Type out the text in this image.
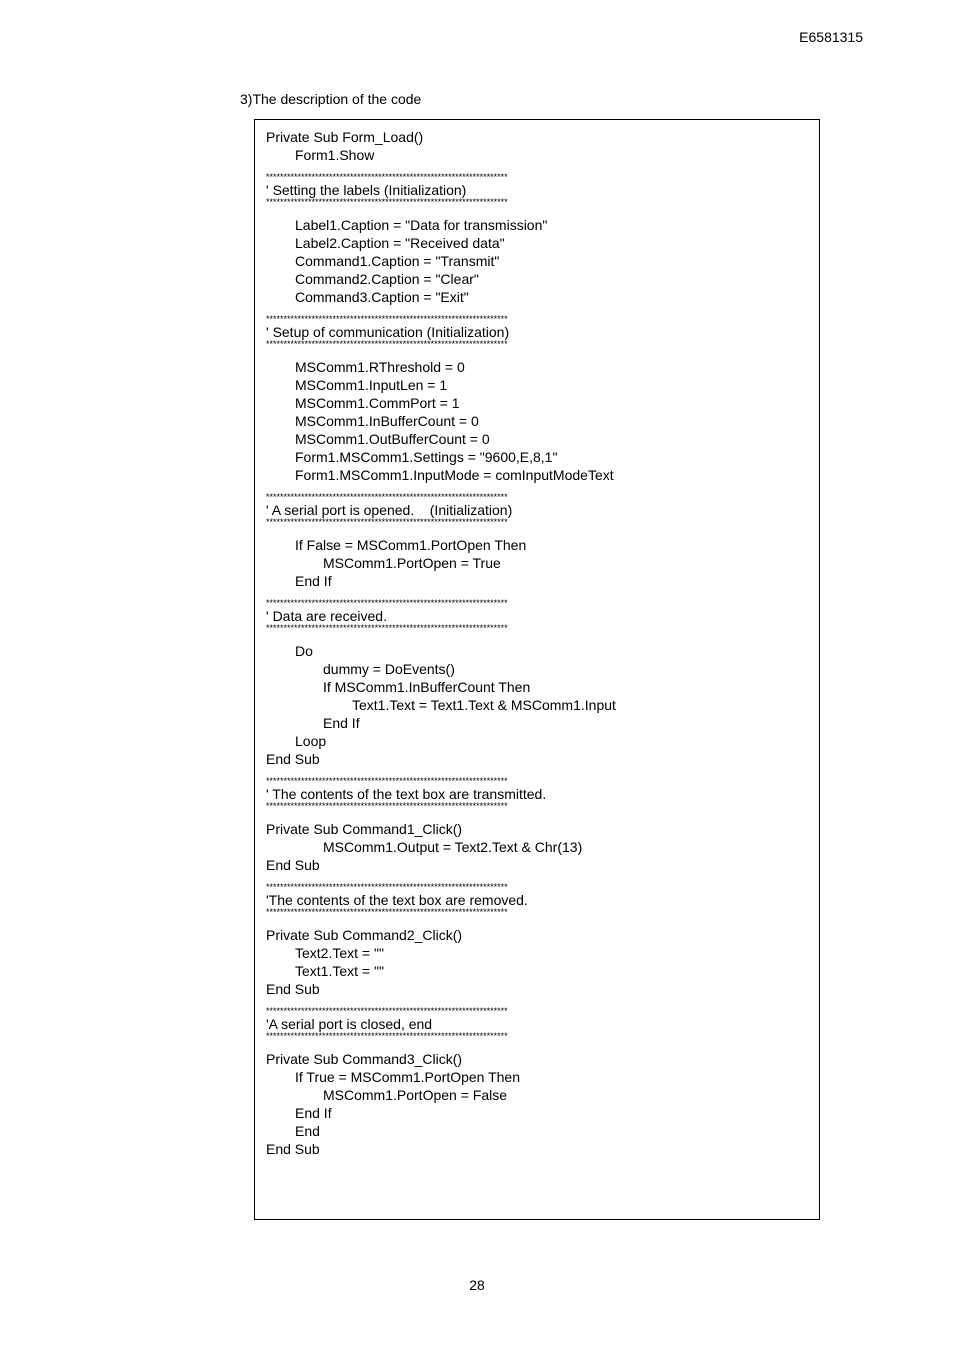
E6581315
3)The description of the code
Private Sub Form_Load()
Form1.Show
*********************************************************************
' Setting the labels (Initialization)
*********************************************************************
Label1.Caption = "Data for transmission"
Label2.Caption = "Received data"
Command1.Caption = "Transmit"
Command2.Caption = "Clear"
Command3.Caption = "Exit"
*********************************************************************
' Setup of communication (Initialization)
*********************************************************************
MSComm1.RThreshold = 0
MSComm1.InputLen = 1
MSComm1.CommPort = 1
MSComm1.InBufferCount = 0
MSComm1.OutBufferCount = 0
Form1.MSComm1.Settings = "9600,E,8,1"
Form1.MSComm1.InputMode = comInputModeText
*********************************************************************
' A serial port is opened.    (Initialization)
*********************************************************************
If False = MSComm1.PortOpen Then
MSComm1.PortOpen = True
End If
*********************************************************************
' Data are received.
*********************************************************************
Do
dummy = DoEvents()
If MSComm1.InBufferCount Then
Text1.Text = Text1.Text & MSComm1.Input
End If
Loop
End Sub
*********************************************************************
' The contents of the text box are transmitted.
*********************************************************************
Private Sub Command1_Click()
MSComm1.Output = Text2.Text & Chr(13)
End Sub
*********************************************************************
'The contents of the text box are removed.
*********************************************************************
Private Sub Command2_Click()
Text2.Text = ""
Text1.Text = ""
End Sub
*********************************************************************
'A serial port is closed, end
*********************************************************************
Private Sub Command3_Click()
If True = MSComm1.PortOpen Then
MSComm1.PortOpen = False
End If
End
End Sub
28
